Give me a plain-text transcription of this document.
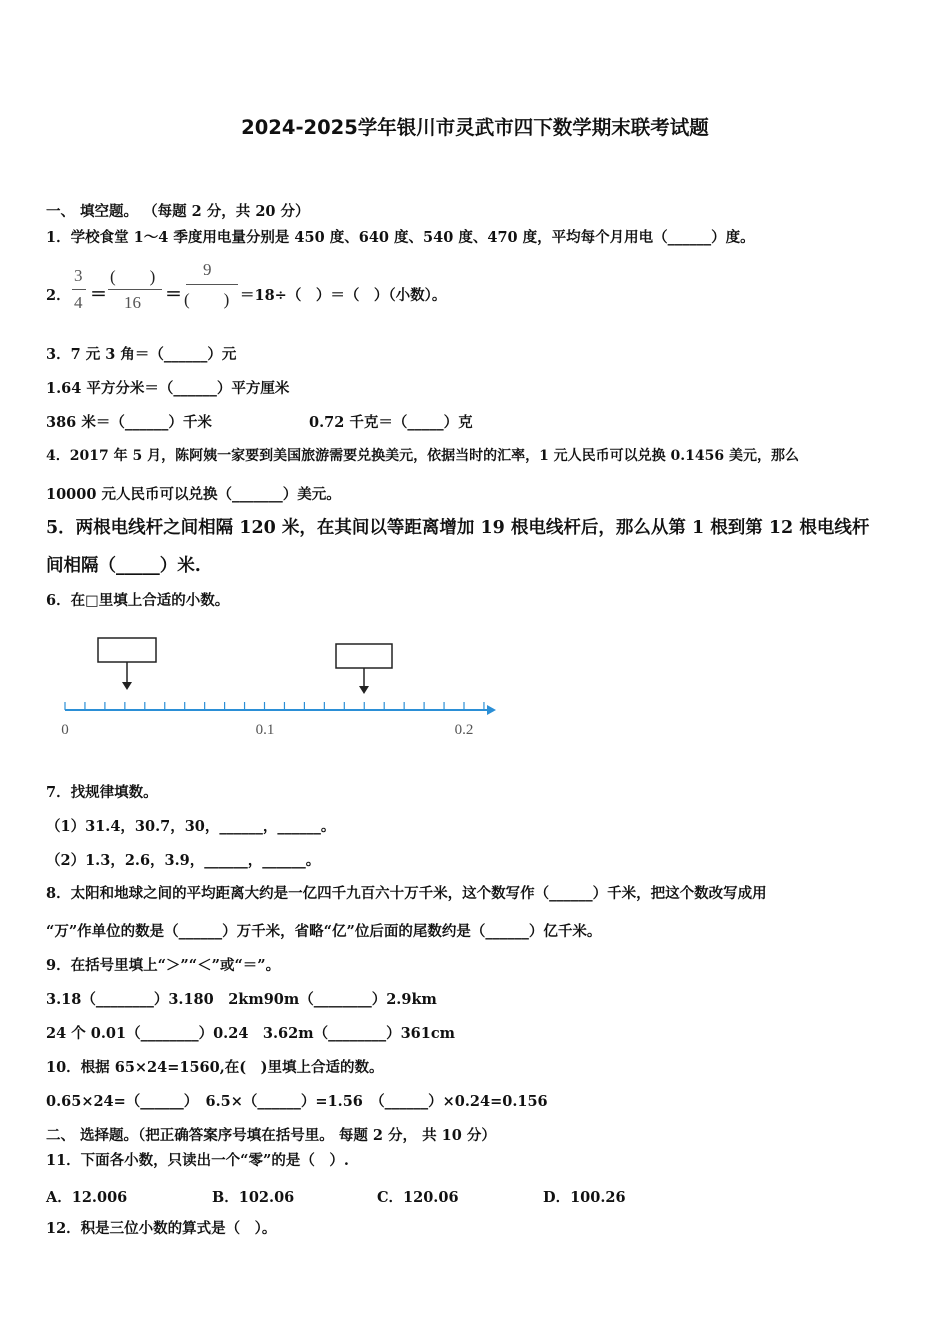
2024-2025学年银川市灵武市四下数学期末联考试题
一、 填空题。 （每题 2 分，共 20 分）
1．学校食堂 1～4 季度用电量分别是 450 度、640 度、540 度、470 度，平均每个月用电（______）度。
2．
3
4 ＝
(　　)
16 ＝
9
(　　) ＝18÷（　）＝（　）（小数）。
3．7 元 3 角＝（______）元
1.64 平方分米＝（______）平方厘米
386 米＝（______）千米	0.72 千克＝（_____）克
4．2017 年 5 月，陈阿姨一家要到美国旅游需要兑换美元，依据当时的汇率，1 元人民币可以兑换 0.1456 美元，那么
10000 元人民币可以兑换（_______）美元。
5．两根电线杆之间相隔 120 米，在其间以等距离增加 19 根电线杆后，那么从第 1 根到第 12 根电线杆
间相隔（_____）米.
6．在□里填上合适的小数。
0	0.1	0.2
7．找规律填数。
（1）31.4，30.7，30，______，______。
（2）1.3，2.6，3.9，______，______。
8．太阳和地球之间的平均距离大约是一亿四千九百六十万千米，这个数写作（______）千米，把这个数改写成用
“万”作单位的数是（______）万千米，省略“亿”位后面的尾数约是（______）亿千米。
9．在括号里填上“＞”“＜”或“＝”。
3.18（________）3.180　2km90m（________）2.9km
24 个 0.01（________）0.24　3.62m（________）361cm
10．根据 65×24=1560,在(　)里填上合适的数。
0.65×24=（______）　6.5×（______）=1.56　（______）×0.24=0.156
二、 选择题。（把正确答案序号填在括号里。 每题 2 分， 共 10 分）
11．下面各小数，只读出一个“零”的是（　）.
A．12.006	B．102.06	C．120.06	D．100.26
12．积是三位小数的算式是（　）。
